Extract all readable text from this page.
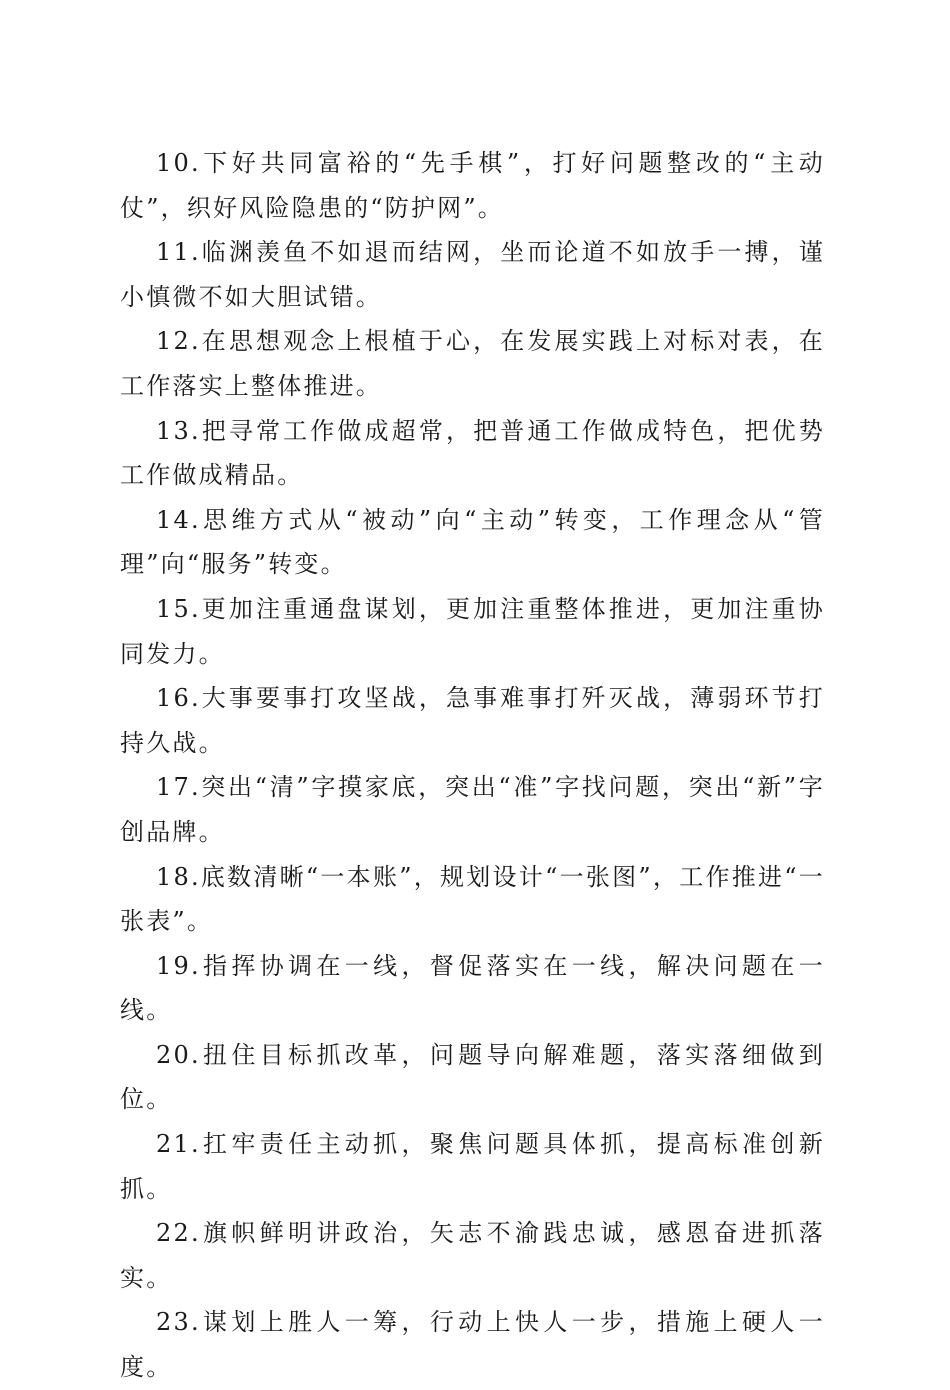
10.下好共同富裕的“先手棋”，打好问题整改的“主动仗”，织好风险隐患的“防护网”。

11.临渊羡鱼不如退而结网，坐而论道不如放手一搏，谨小慎微不如大胆试错。

12.在思想观念上根植于心，在发展实践上对标对表，在工作落实上整体推进。

13.把寻常工作做成超常，把普通工作做成特色，把优势工作做成精品。

14.思维方式从“被动”向“主动”转变，工作理念从“管理”向“服务”转变。

15.更加注重通盘谋划，更加注重整体推进，更加注重协同发力。

16.大事要事打攻坚战，急事难事打歼灭战，薄弱环节打持久战。

17.突出“清”字摸家底，突出“准”字找问题，突出“新”字创品牌。

18.底数清晰“一本账”，规划设计“一张图”，工作推进“一张表”。

19.指挥协调在一线，督促落实在一线，解决问题在一线。

20.扭住目标抓改革，问题导向解难题，落实落细做到位。

21.扛牢责任主动抓，聚焦问题具体抓，提高标准创新抓。

22.旗帜鲜明讲政治，矢志不渝践忠诚，感恩奋进抓落实。

23.谋划上胜人一筹，行动上快人一步，措施上硬人一度。
